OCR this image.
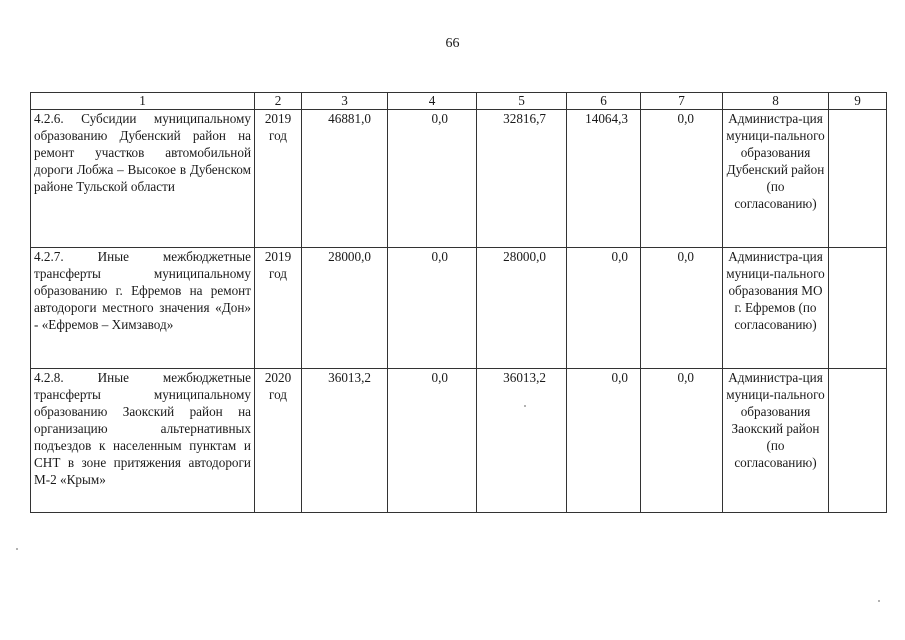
66
1	2	3	4	5	6	7	8	9
4.2.6. Субсидии муниципальному образованию Дубенский район на ремонт участков автомобильной дороги Лобжа – Высокое в Дубенском районе Тульской области	2019 год	46881,0	0,0	32816,7	14064,3	0,0	Администра-ция муници-пального образования Дубенский район (по согласованию)	
4.2.7. Иные межбюджетные трансферты муниципальному образованию г. Ефремов на ремонт автодороги местного значения «Дон» - «Ефремов – Химзавод»	2019 год	28000,0	0,0	28000,0	0,0	0,0	Администра-ция муници-пального образования МО г. Ефремов (по согласованию)	
4.2.8. Иные межбюджетные трансферты муниципальному образованию Заокский район на организацию альтернативных подъездов к населенным пунктам и СНТ в зоне притяжения автодороги М-2 «Крым»	2020 год	36013,2	0,0	36013,2	0,0	0,0	Администра-ция муници-пального образования Заокский район (по согласованию)	
